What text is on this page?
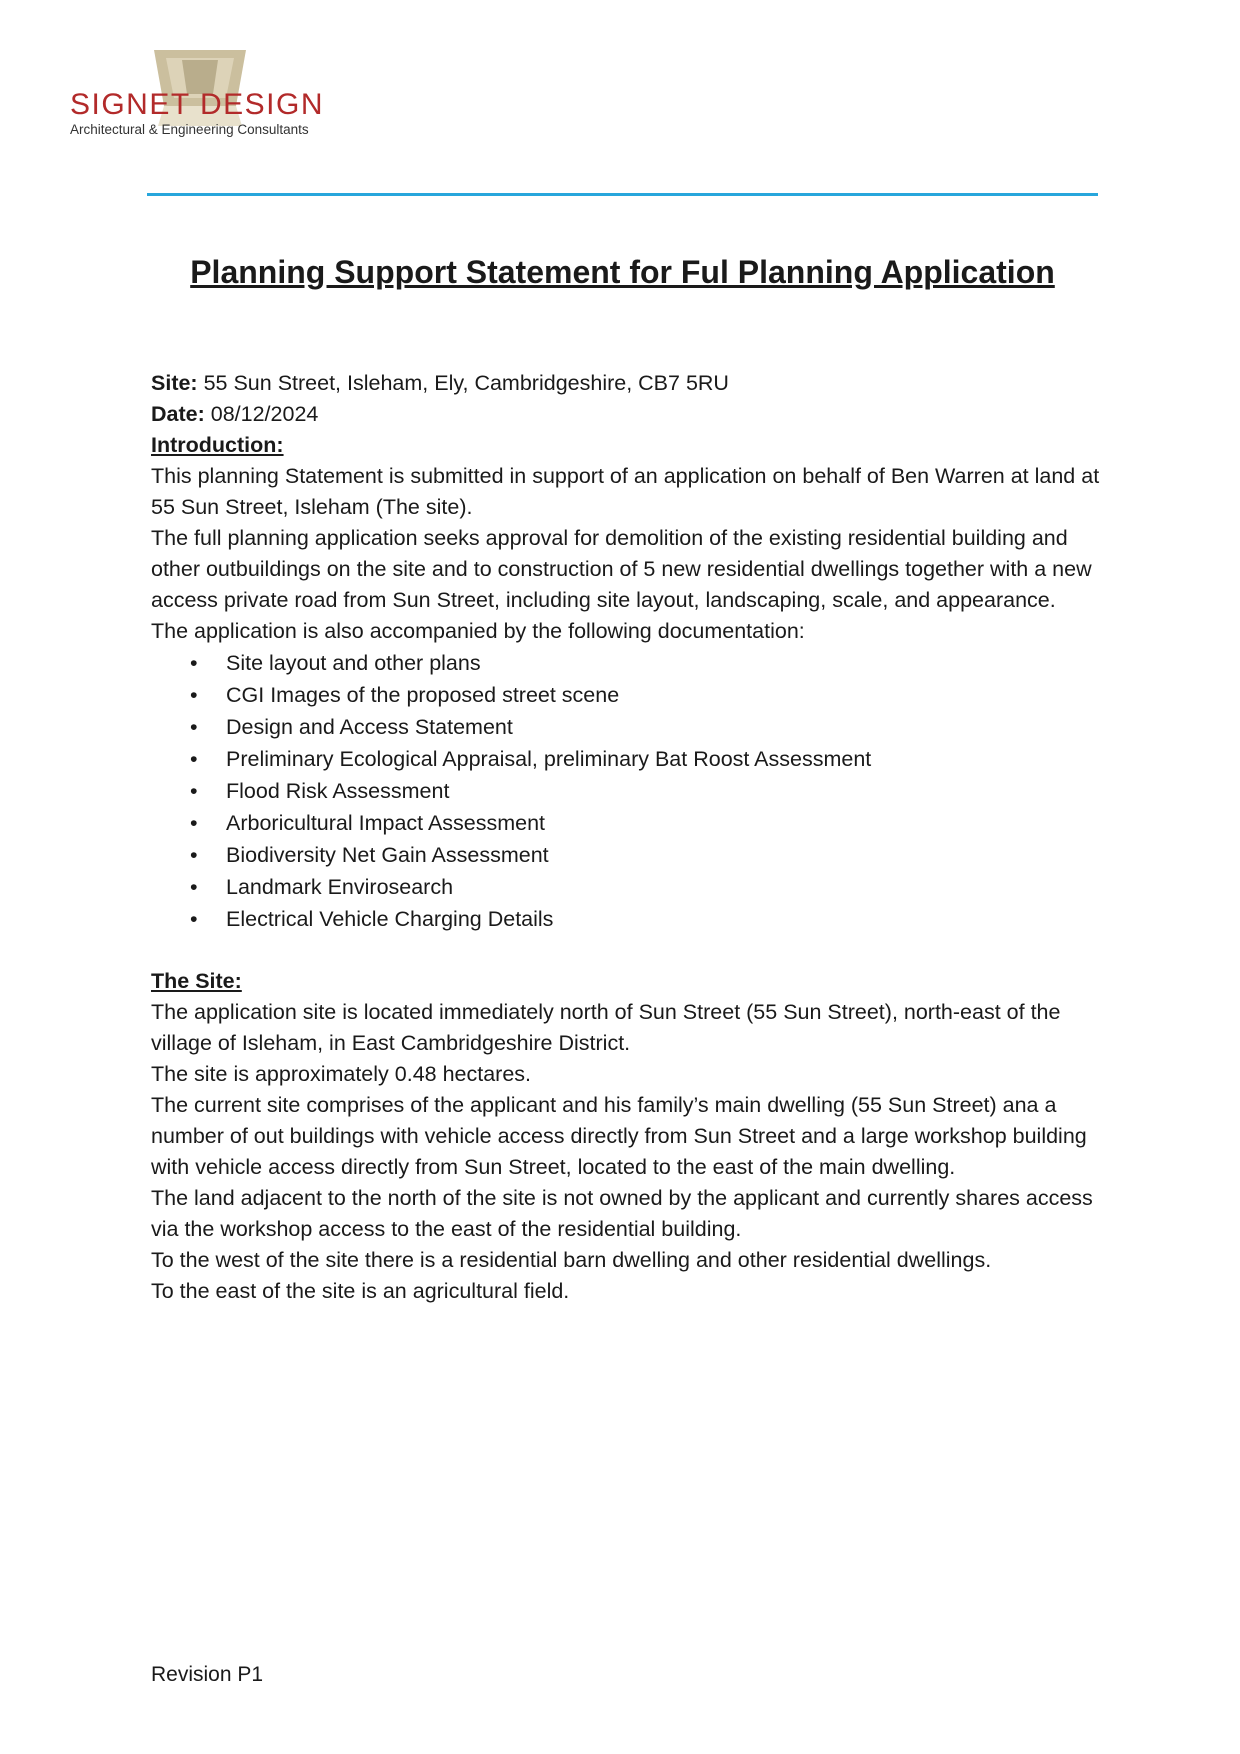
SIGNET DESIGN
Architectural & Engineering Consultants
Planning Support Statement for Ful Planning Application

Site: 55 Sun Street, Isleham, Ely, Cambridgeshire, CB7 5RU

Date: 08/12/2024

Introduction:

This planning Statement is submitted in support of an application on behalf of Ben Warren at land at 55 Sun Street, Isleham (The site).

The full planning application seeks approval for demolition of the existing residential building and other outbuildings on the site and to construction of 5 new residential dwellings together with a new access private road from Sun Street, including site layout, landscaping, scale, and appearance.

The application is also accompanied by the following documentation:

• Site layout and other plans
• CGI Images of the proposed street scene
• Design and Access Statement
• Preliminary Ecological Appraisal, preliminary Bat Roost Assessment
• Flood Risk Assessment
• Arboricultural Impact Assessment
• Biodiversity Net Gain Assessment
• Landmark Envirosearch
• Electrical Vehicle Charging Details

The Site:

The application site is located immediately north of Sun Street (55 Sun Street), north-east of the village of Isleham, in East Cambridgeshire District.

The site is approximately 0.48 hectares.

The current site comprises of the applicant and his family’s main dwelling (55 Sun Street) ana a number of out buildings with vehicle access directly from Sun Street and a large workshop building with vehicle access directly from Sun Street, located to the east of the main dwelling.

The land adjacent to the north of the site is not owned by the applicant and currently shares access via the workshop access to the east of the residential building.

To the west of the site there is a residential barn dwelling and other residential dwellings.

To the east of the site is an agricultural field.

Revision P1
